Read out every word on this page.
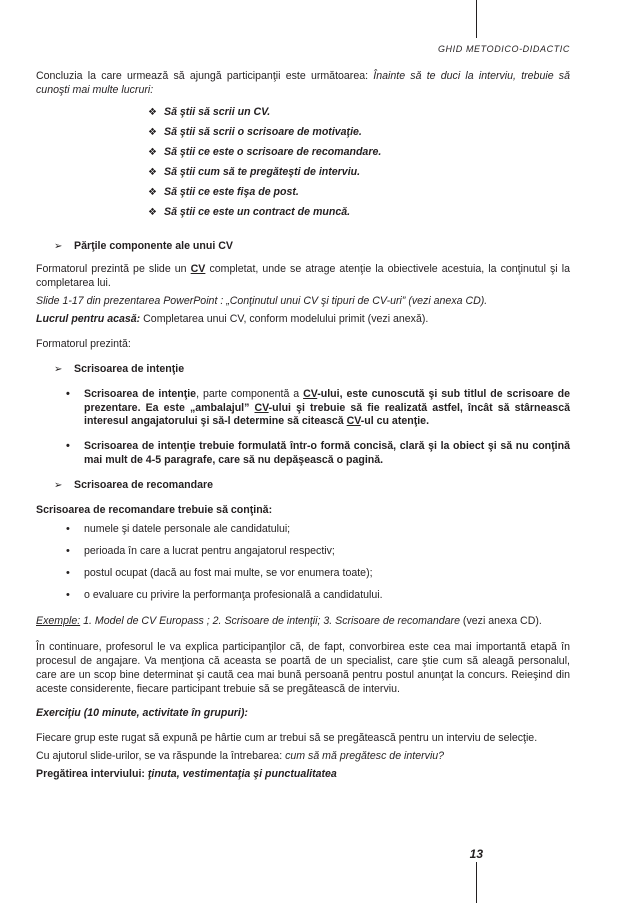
GHID METODICO-DIDACTIC

Concluzia la care urmează să ajungă participanţii este următoarea: Înainte să te duci la interviu, trebuie să cunoşti mai multe lucruri:

❖ Să ştii să scrii un CV.
❖ Să ştii să scrii o scrisoare de motivaţie.
❖ Să ştii ce este o scrisoare de recomandare.
❖ Să ştii cum să te pregăteşti de interviu.
❖ Să ştii ce este fişa de post.
❖ Să ştii ce este un contract de muncă.

➢ Părţile componente ale unui CV

Formatorul prezintă pe slide un CV completat, unde se atrage atenţie la obiectivele acestuia, la conţinutul şi la completarea lui.

Slide 1-17 din prezentarea PowerPoint : „Conţinutul unui CV şi tipuri de CV-uri” (vezi anexa CD).

Lucrul pentru acasă: Completarea unui CV, conform modelului primit (vezi anexă).

Formatorul prezintă:

➢ Scrisoarea de intenţie

• Scrisoarea de intenţie, parte componentă a CV-ului, este cunoscută şi sub titlul de scrisoare de prezentare. Ea este „ambalajul” CV-ului şi trebuie să fie realizată astfel, încât să stârnească interesul angajatorului şi să-l determine să citească CV-ul cu atenţie.

• Scrisoarea de intenţie trebuie formulată într-o formă concisă, clară şi la obiect şi să nu conţină mai mult de 4-5 paragrafe, care să nu depăşească o pagină.

➢ Scrisoarea de recomandare

Scrisoarea de recomandare trebuie să conţină:

• numele şi datele personale ale candidatului;

• perioada în care a lucrat pentru angajatorul respectiv;

• postul ocupat (dacă au fost mai multe, se vor enumera toate);

• o evaluare cu privire la performanţa profesională a candidatului.

Exemple: 1. Model de CV Europass ; 2. Scrisoare de intenţii; 3. Scrisoare de recomandare (vezi anexa CD).

În continuare, profesorul le va explica participanţilor că, de fapt, convorbirea este cea mai importantă etapă în procesul de angajare. Va menţiona că aceasta se poartă de un specialist, care ştie cum să aleagă personalul, care are un scop bine determinat şi caută cea mai bună persoană pentru postul anunţat la concurs. Reieşind din aceste considerente, fiecare participant trebuie să se pregătească de interviu.

Exerciţiu (10 minute, activitate în grupuri):

Fiecare grup este rugat să expună pe hârtie cum ar trebui să se pregătească pentru un interviu de selecţie.

Cu ajutorul slide-urilor, se va răspunde la întrebarea: cum să mă pregătesc de interviu?

Pregătirea interviului: ţinuta, vestimentaţia şi punctualitatea

13
